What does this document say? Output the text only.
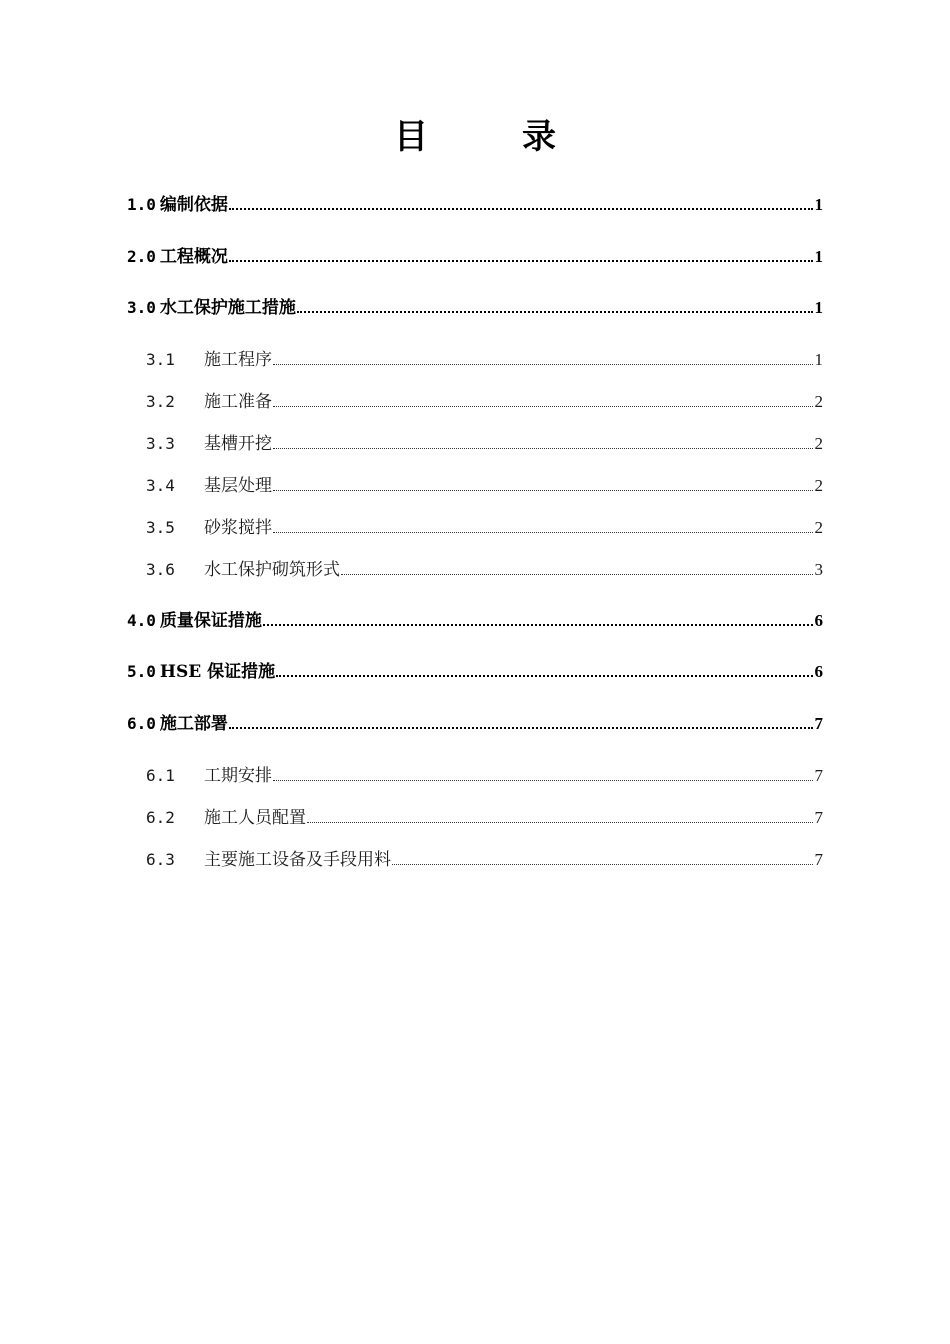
目　录
1.0 编制依据	1
2.0 工程概况	1
3.0 水工保护施工措施	1
3.1	施工程序	1
3.2	施工准备	2
3.3	基槽开挖	2
3.4	基层处理	2
3.5	砂浆搅拌	2
3.6	水工保护砌筑形式	3
4.0 质量保证措施	6
5.0 HSE 保证措施	6
6.0 施工部署	7
6.1	工期安排	7
6.2	施工人员配置	7
6.3	主要施工设备及手段用料	7
